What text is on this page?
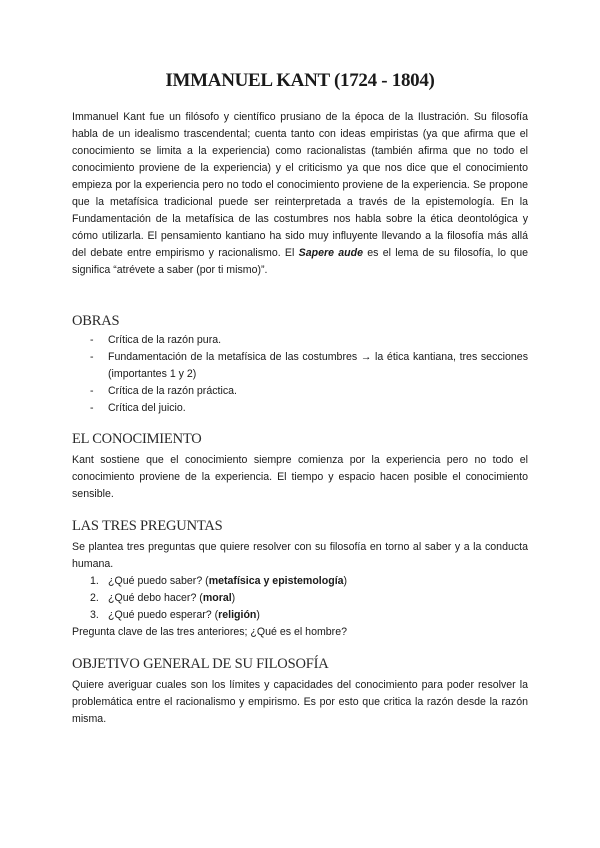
IMMANUEL KANT (1724 - 1804)

Immanuel Kant fue un filósofo y científico prusiano de la época de la Ilustración. Su filosofía habla de un idealismo trascendental; cuenta tanto con ideas empiristas (ya que afirma que el conocimiento se limita a la experiencia) como racionalistas (también afirma que no todo el conocimiento proviene de la experiencia) y el criticismo ya que nos dice que el conocimiento empieza por la experiencia pero no todo el conocimiento proviene de la experiencia. Se propone que la metafísica tradicional puede ser reinterpretada a través de la epistemología. En la Fundamentación de la metafísica de las costumbres nos habla sobre la ética deontológica y cómo utilizarla. El pensamiento kantiano ha sido muy influyente llevando a la filosofía más allá del debate entre empirismo y racionalismo. El Sapere aude es el lema de su filosofía, lo que significa “atrévete a saber (por ti mismo)”.

OBRAS
- Crítica de la razón pura.
- Fundamentación de la metafísica de las costumbres → la ética kantiana, tres secciones (importantes 1 y 2)
- Crítica de la razón práctica.
- Crítica del juicio.
EL CONOCIMIENTO

Kant sostiene que el conocimiento siempre comienza por la experiencia pero no todo el conocimiento proviene de la experiencia. El tiempo y espacio hacen posible el conocimiento sensible.

LAS TRES PREGUNTAS

Se plantea tres preguntas que quiere resolver con su filosofía en torno al saber y a la conducta humana.

1. ¿Qué puedo saber? (metafísica y epistemología)
2. ¿Qué debo hacer? (moral)
3. ¿Qué puedo esperar? (religión)

Pregunta clave de las tres anteriores; ¿Qué es el hombre?

OBJETIVO GENERAL DE SU FILOSOFÍA

Quiere averiguar cuales son los límites y capacidades del conocimiento para poder resolver la problemática entre el racionalismo y empirismo. Es por esto que critica la razón desde la razón misma.
